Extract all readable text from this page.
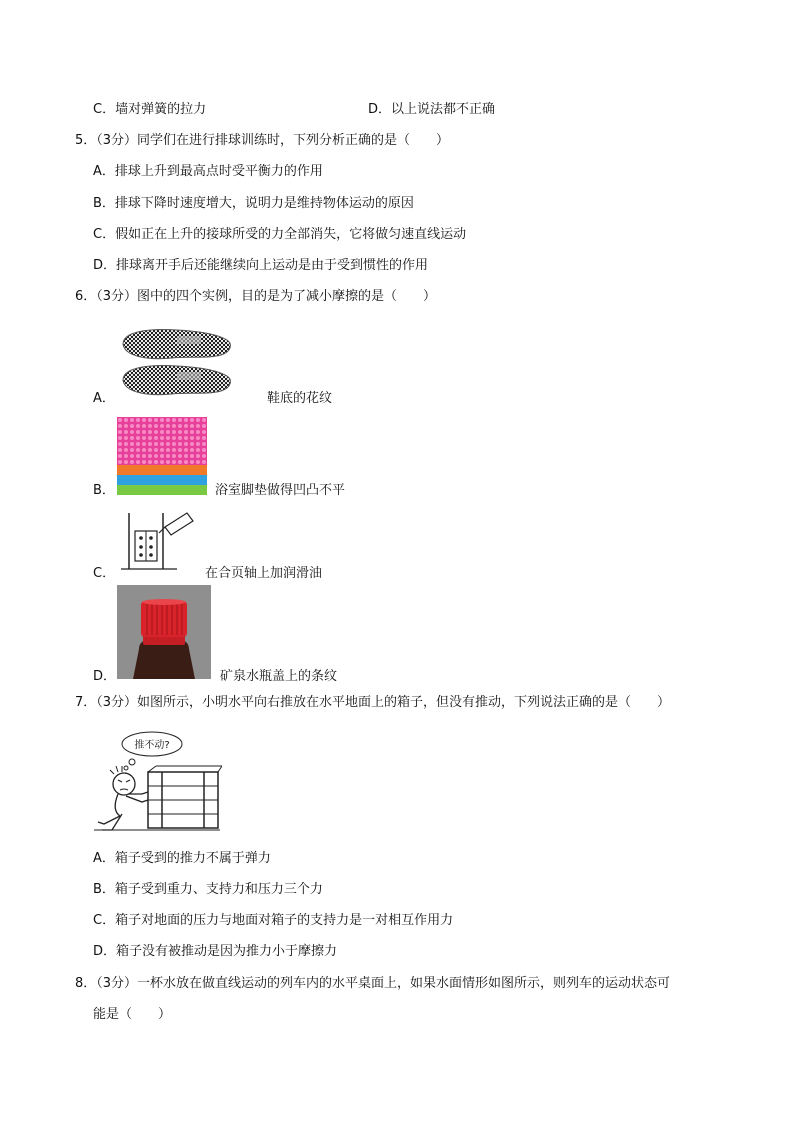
C．墙对弹簧的拉力	D．以上说法都不正确
5．（3分）同学们在进行排球训练时，下列分析正确的是（　　）
A．排球上升到最高点时受平衡力的作用
B．排球下降时速度增大，说明力是维持物体运动的原因
C．假如正在上升的接球所受的力全部消失，它将做匀速直线运动
D．排球离开手后还能继续向上运动是由于受到惯性的作用
6．（3分）图中的四个实例，目的是为了减小摩擦的是（　　）
A．	鞋底的花纹
B．	浴室脚垫做得凹凸不平
C．	在合页轴上加润滑油
D．	矿泉水瓶盖上的条纹
7．（3分）如图所示，小明水平向右推放在水平地面上的箱子，但没有推动，下列说法正确的是（　　）
推不动?
A．箱子受到的推力不属于弹力
B．箱子受到重力、支持力和压力三个力
C．箱子对地面的压力与地面对箱子的支持力是一对相互作用力
D．箱子没有被推动是因为推力小于摩擦力
8．（3分）一杯水放在做直线运动的列车内的水平桌面上，如果水面情形如图所示，则列车的运动状态可
能是（　　）
